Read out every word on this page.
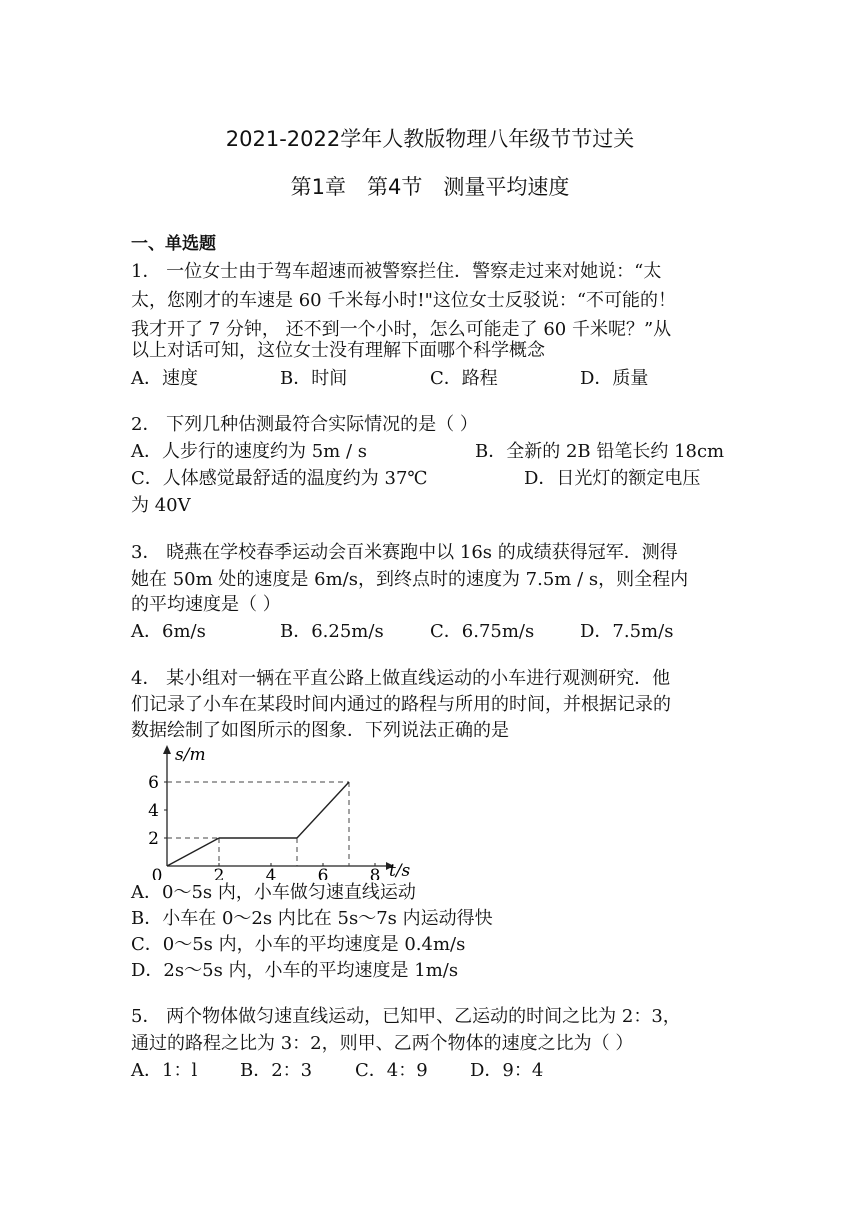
2021-2022学年人教版物理八年级节节过关
第1章　第4节　测量平均速度
一、单选题
1． 一位女士由于驾车超速而被警察拦住．警察走过来对她说：“太
太，您刚才的车速是 60 千米每小时!"这位女士反驳说：“不可能的！
我才开了 7 分钟， 还不到一个小时，怎么可能走了 60 千米呢？”从
以上对话可知，这位女士没有理解下面哪个科学概念
A．速度	B．时间	C．路程	D．质量
2． 下列几种估测最符合实际情况的是（ ）
A．人步行的速度约为 5m / s	B．全新的 2B 铅笔长约 18cm
C．人体感觉最舒适的温度约为 37℃	D．日光灯的额定电压
为 40V
3． 晓燕在学校春季运动会百米赛跑中以 16s 的成绩获得冠军．测得
她在 50m 处的速度是 6m/s，到终点时的速度为 7.5m / s，则全程内
的平均速度是（ ）
A．6m/s	B．6.25m/s	C．6.75m/s	D．7.5m/s
4． 某小组对一辆在平直公路上做直线运动的小车进行观测研究．他
们记录了小车在某段时间内通过的路程与所用的时间，并根据记录的
数据绘制了如图所示的图象．下列说法正确的是
2
4
6
0	2 4 6 8
s/m
t/s
A．0～5s 内，小车做匀速直线运动
B．小车在 0～2s 内比在 5s～7s 内运动得快
C．0～5s 内，小车的平均速度是 0.4m/s
D．2s～5s 内，小车的平均速度是 1m/s
5． 两个物体做匀速直线运动，已知甲、乙运动的时间之比为 2：3，
通过的路程之比为 3：2，则甲、乙两个物体的速度之比为（ ）
A．1：l B．2：3 C．4：9 D．9：4
